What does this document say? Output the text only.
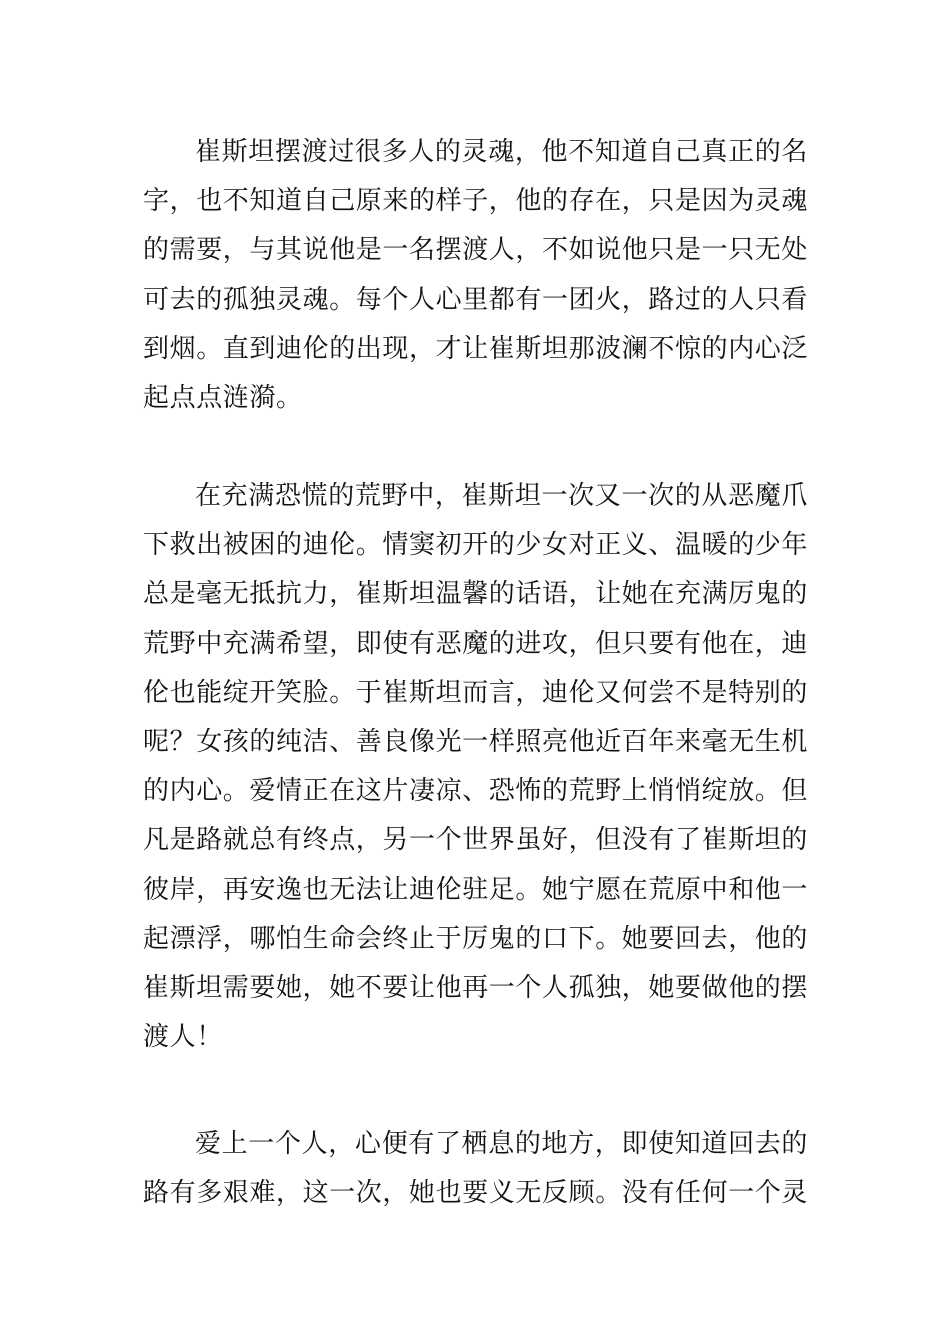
崔斯坦摆渡过很多人的灵魂，他不知道自己真正的名字，也不知道自己原来的样子，他的存在，只是因为灵魂的需要，与其说他是一名摆渡人，不如说他只是一只无处可去的孤独灵魂。每个人心里都有一团火，路过的人只看到烟。直到迪伦的出现，才让崔斯坦那波澜不惊的内心泛起点点涟漪。

在充满恐慌的荒野中，崔斯坦一次又一次的从恶魔爪下救出被困的迪伦。情窦初开的少女对正义、温暖的少年总是毫无抵抗力，崔斯坦温馨的话语，让她在充满厉鬼的荒野中充满希望，即使有恶魔的进攻，但只要有他在，迪伦也能绽开笑脸。于崔斯坦而言，迪伦又何尝不是特别的呢？女孩的纯洁、善良像光一样照亮他近百年来毫无生机的内心。爱情正在这片凄凉、恐怖的荒野上悄悄绽放。但凡是路就总有终点，另一个世界虽好，但没有了崔斯坦的彼岸，再安逸也无法让迪伦驻足。她宁愿在荒原中和他一起漂浮，哪怕生命会终止于厉鬼的口下。她要回去，他的崔斯坦需要她，她不要让他再一个人孤独，她要做他的摆渡人！

爱上一个人，心便有了栖息的地方，即使知道回去的路有多艰难，这一次，她也要义无反顾。没有任何一个灵
